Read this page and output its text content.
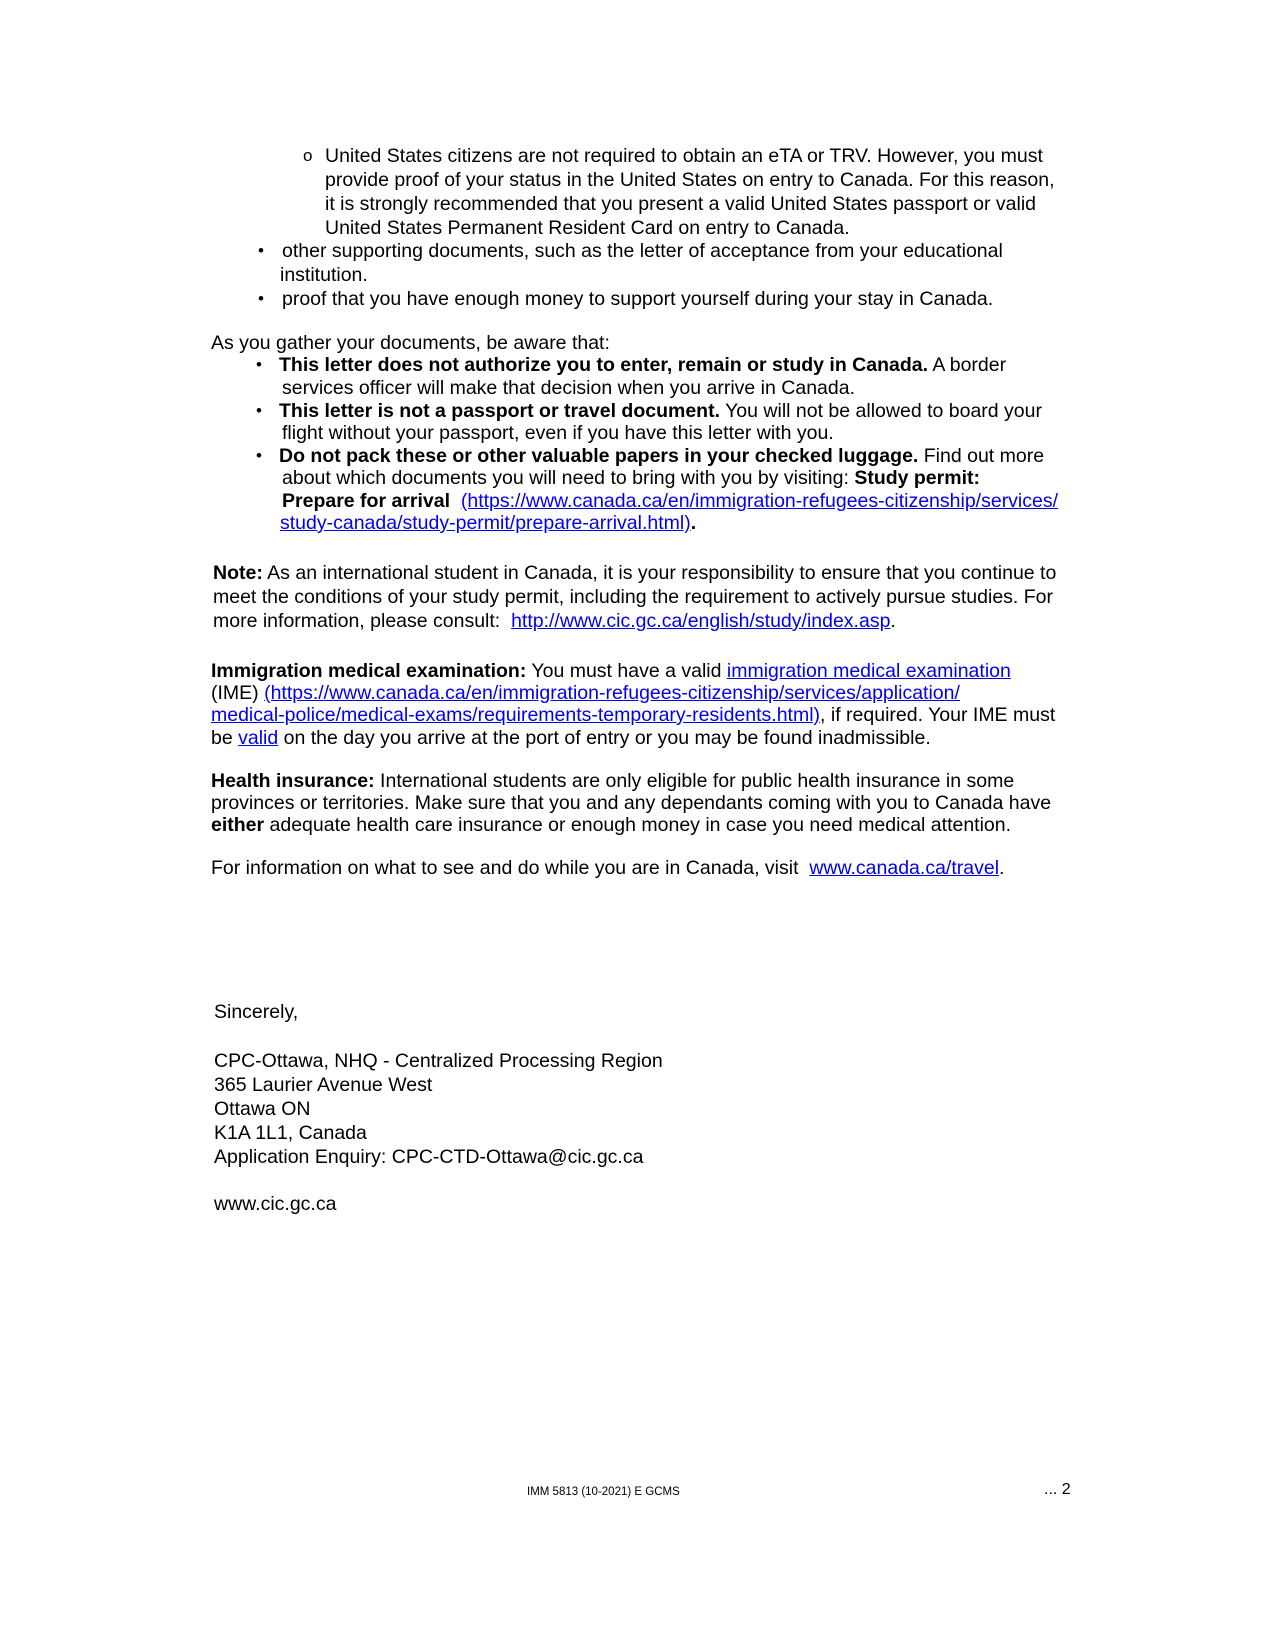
o United States citizens are not required to obtain an eTA or TRV. However, you must
provide proof of your status in the United States on entry to Canada. For this reason,
it is strongly recommended that you present a valid United States passport or valid
United States Permanent Resident Card on entry to Canada.
• other supporting documents, such as the letter of acceptance from your educational
institution.
• proof that you have enough money to support yourself during your stay in Canada.
As you gather your documents, be aware that:
• This letter does not authorize you to enter, remain or study in Canada. A border
services officer will make that decision when you arrive in Canada.
• This letter is not a passport or travel document. You will not be allowed to board your
flight without your passport, even if you have this letter with you.
• Do not pack these or other valuable papers in your checked luggage. Find out more
about which documents you will need to bring with you by visiting: Study permit:
Prepare for arrival (https://www.canada.ca/en/immigration-refugees-citizenship/services/
study-canada/study-permit/prepare-arrival.html).
Note: As an international student in Canada, it is your responsibility to ensure that you continue to
meet the conditions of your study permit, including the requirement to actively pursue studies. For
more information, please consult:  http://www.cic.gc.ca/english/study/index.asp.
Immigration medical examination: You must have a valid immigration medical examination
(IME) (https://www.canada.ca/en/immigration-refugees-citizenship/services/application/
medical-police/medical-exams/requirements-temporary-residents.html), if required. Your IME must
be valid on the day you arrive at the port of entry or you may be found inadmissible.
Health insurance: International students are only eligible for public health insurance in some
provinces or territories. Make sure that you and any dependants coming with you to Canada have
either adequate health care insurance or enough money in case you need medical attention.
For information on what to see and do while you are in Canada, visit  www.canada.ca/travel.
Sincerely,
CPC-Ottawa, NHQ - Centralized Processing Region
365 Laurier Avenue West
Ottawa ON
K1A 1L1, Canada
Application Enquiry: CPC-CTD-Ottawa@cic.gc.ca
www.cic.gc.ca
IMM 5813 (10-2021) E GCMS	... 2
